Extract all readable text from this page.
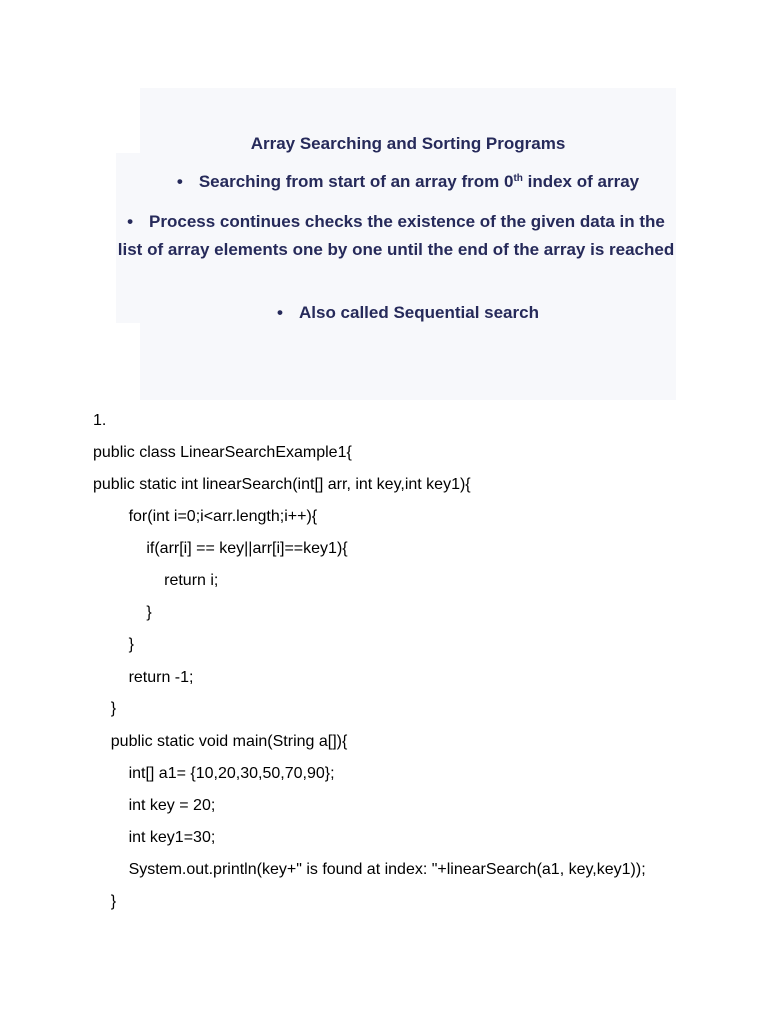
Array Searching and Sorting Programs
• Searching from start of an array from 0th index of array
• Process continues checks the existence of the given data in the list of array elements one by one until the end of the array is reached
• Also called Sequential search
1.
public class LinearSearchExample1{
public static int linearSearch(int[] arr, int key,int key1){
for(int i=0;i<arr.length;i++){
if(arr[i] == key||arr[i]==key1){
return i;
}
}
return -1;
}
public static void main(String a[]){
int[] a1= {10,20,30,50,70,90};
int key = 20;
int key1=30;
System.out.println(key+" is found at index: "+linearSearch(a1, key,key1));
}
